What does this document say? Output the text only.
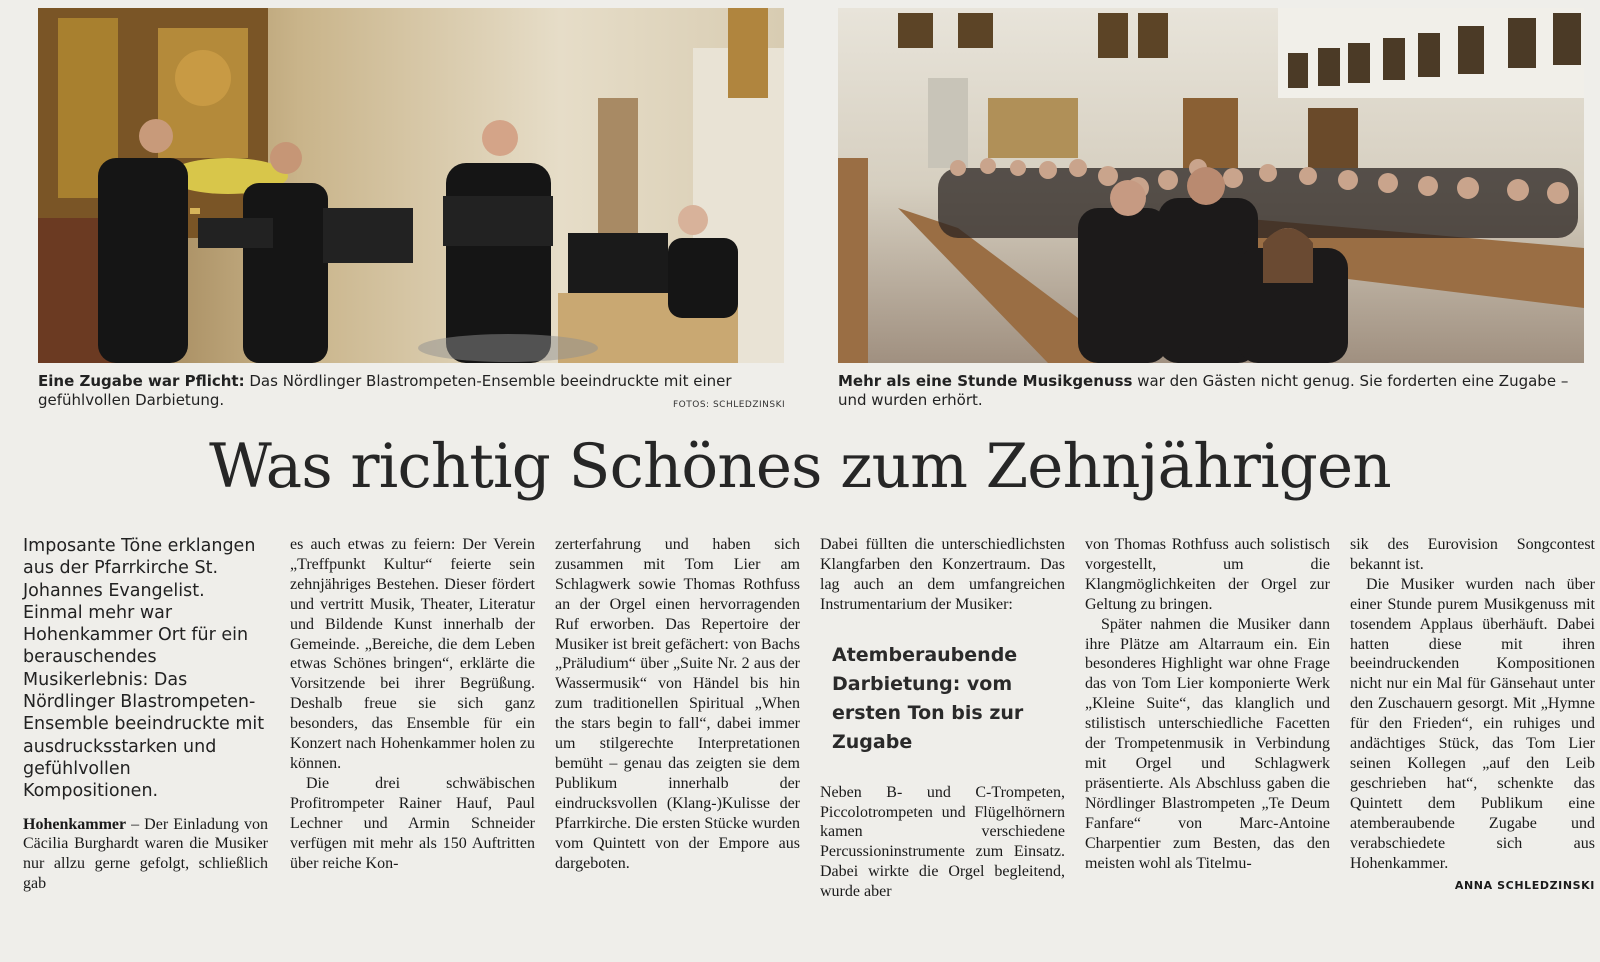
Eine Zugabe war Pflicht: Das Nördlinger Blastrompeten-Ensemble beeindruckte mit einer gefühlvollen Darbietung.	FOTOS: SCHLEDZINSKI
Mehr als eine Stunde Musikgenuss war den Gästen nicht genug. Sie forderten eine Zugabe – und wurden erhört.
Was richtig Schönes zum Zehnjährigen

Imposante Töne erklangen aus der Pfarrkirche St. Johannes Evangelist. Einmal mehr war Hohenkammer Ort für ein berauschendes Musikerlebnis: Das Nördlinger Blastrompeten-Ensemble beeindruckte mit ausdrucksstarken und gefühlvollen Kompositionen.

Hohenkammer – Der Einladung von Cäcilia Burghardt waren die Musiker nur allzu gerne gefolgt, schließlich gab

es auch etwas zu feiern: Der Verein „Treffpunkt Kultur“ feierte sein zehnjähriges Bestehen. Dieser fördert und vertritt Musik, Theater, Literatur und Bildende Kunst innerhalb der Gemeinde. „Bereiche, die dem Leben etwas Schönes bringen“, erklärte die Vorsitzende bei ihrer Begrüßung. Deshalb freue sie sich ganz besonders, das Ensemble für ein Konzert nach Hohenkammer holen zu können.

Die drei schwäbischen Profitrompeter Rainer Hauf, Paul Lechner und Armin Schneider verfügen mit mehr als 150 Auftritten über reiche Kon-

zerterfahrung und haben sich zusammen mit Tom Lier am Schlagwerk sowie Thomas Rothfuss an der Orgel einen hervorragenden Ruf erworben. Das Repertoire der Musiker ist breit gefächert: von Bachs „Präludium“ über „Suite Nr. 2 aus der Wassermusik“ von Händel bis hin zum traditionellen Spiritual „When the stars begin to fall“, dabei immer um stilgerechte Interpretationen bemüht – genau das zeigten sie dem Publikum innerhalb der eindrucksvollen (Klang-)Kulisse der Pfarrkirche. Die ersten Stücke wurden vom Quintett von der Empore aus dargeboten.

Dabei füllten die unterschiedlichsten Klangfarben den Konzertraum. Das lag auch an dem umfangreichen Instrumentarium der Musiker:

Atemberaubende Darbietung: vom ersten Ton bis zur Zugabe

Neben B- und C-Trompeten, Piccolotrompeten und Flügelhörnern kamen verschiedene Percussioninstrumente zum Einsatz. Dabei wirkte die Orgel begleitend, wurde aber

von Thomas Rothfuss auch solistisch vorgestellt, um die Klangmöglichkeiten der Orgel zur Geltung zu bringen.

Später nahmen die Musiker dann ihre Plätze am Altarraum ein. Ein besonderes Highlight war ohne Frage das von Tom Lier komponierte Werk „Kleine Suite“, das klanglich und stilistisch unterschiedliche Facetten der Trompetenmusik in Verbindung mit Orgel und Schlagwerk präsentierte. Als Abschluss gaben die Nördlinger Blastrompeten „Te Deum Fanfare“ von Marc-Antoine Charpentier zum Besten, das den meisten wohl als Titelmu-

sik des Eurovision Songcontest bekannt ist.

Die Musiker wurden nach über einer Stunde purem Musikgenuss mit tosendem Applaus überhäuft. Dabei hatten diese mit ihren beeindruckenden Kompositionen nicht nur ein Mal für Gänsehaut unter den Zuschauern gesorgt. Mit „Hymne für den Frieden“, ein ruhiges und andächtiges Stück, das Tom Lier seinen Kollegen „auf den Leib geschrieben hat“, schenkte das Quintett dem Publikum eine atemberaubende Zugabe und verabschiedete sich aus Hohenkammer.

ANNA SCHLEDZINSKI
